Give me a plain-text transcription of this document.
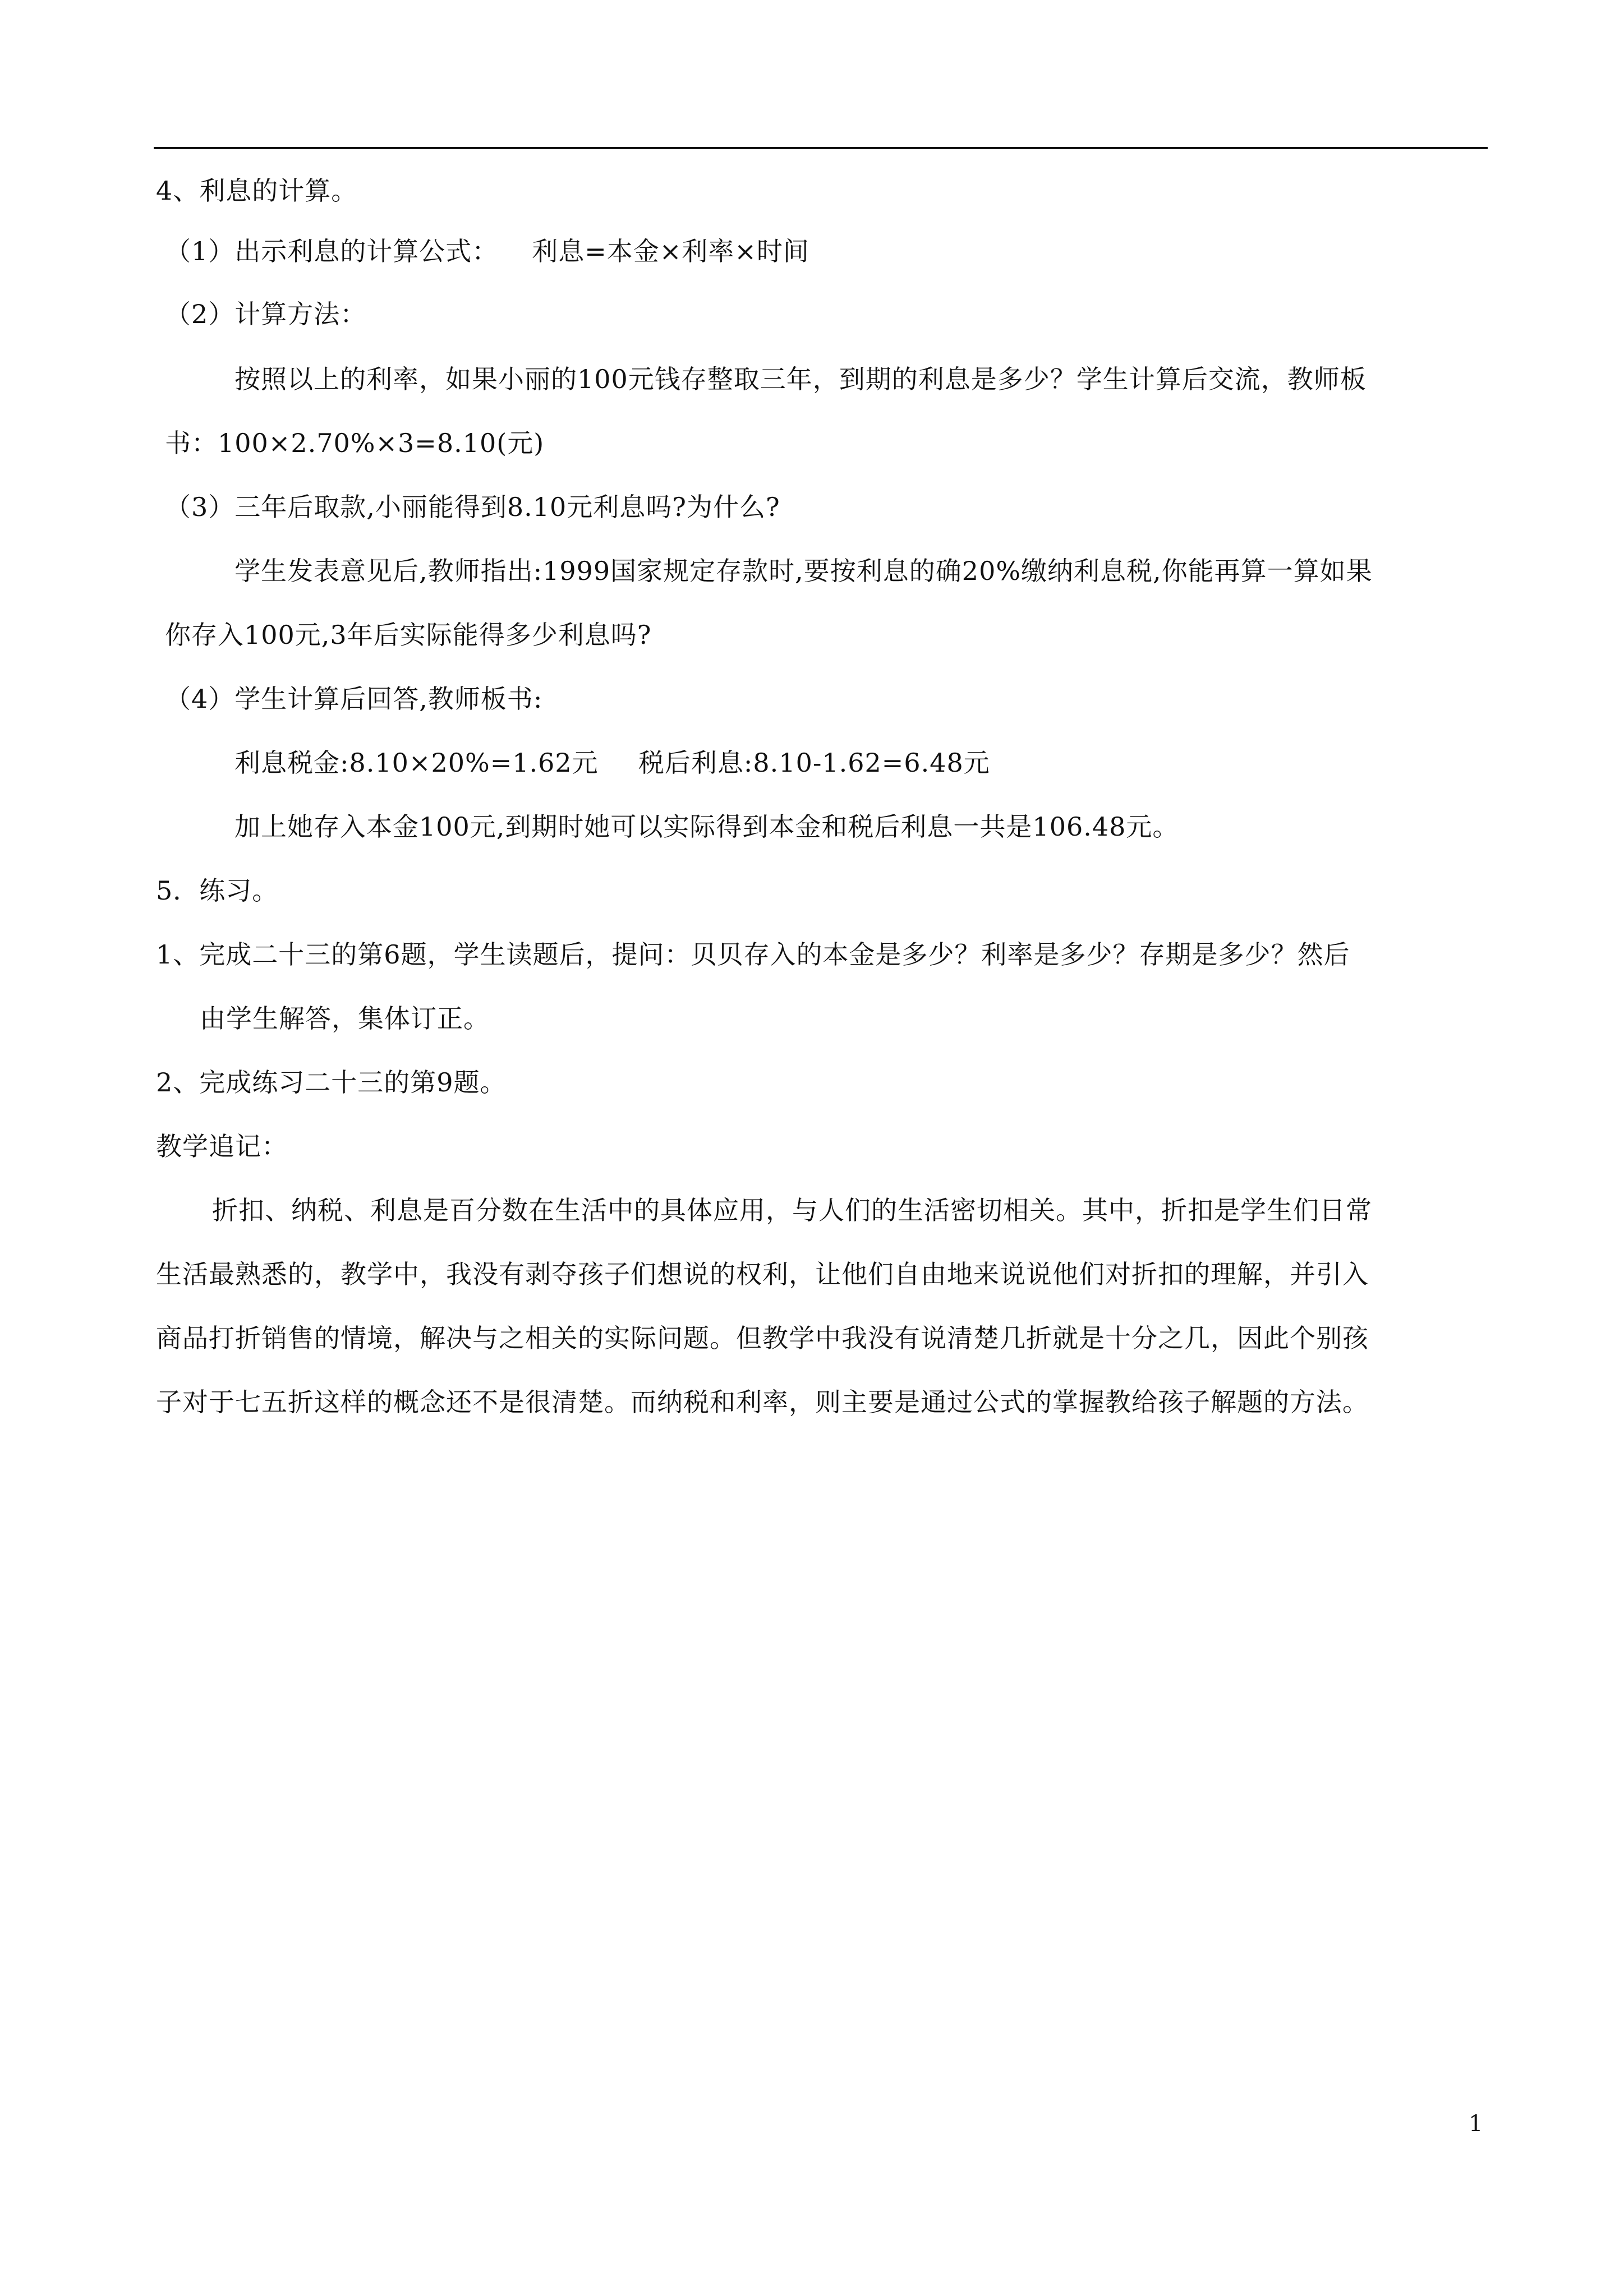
4、利息的计算。
（1）出示利息的计算公式： 利息=本金×利率×时间
（2）计算方法：
按照以上的利率，如果小丽的100元钱存整取三年，到期的利息是多少？学生计算后交流，教师板
书：100×2.70%×3=8.10(元)
（3）三年后取款,小丽能得到8.10元利息吗?为什么?
学生发表意见后,教师指出:1999国家规定存款时,要按利息的确20%缴纳利息税,你能再算一算如果
你存入100元,3年后实际能得多少利息吗?
（4）学生计算后回答,教师板书:
利息税金:8.10×20%=1.62元 税后利息:8.10-1.62=6.48元
加上她存入本金100元,到期时她可以实际得到本金和税后利息一共是106.48元。
5．练习。
1、完成二十三的第6题，学生读题后，提问：贝贝存入的本金是多少？利率是多少？存期是多少？然后
由学生解答，集体订正。
2、完成练习二十三的第9题。
教学追记：
折扣、纳税、利息是百分数在生活中的具体应用，与人们的生活密切相关。其中，折扣是学生们日常
生活最熟悉的，教学中，我没有剥夺孩子们想说的权利，让他们自由地来说说他们对折扣的理解，并引入
商品打折销售的情境，解决与之相关的实际问题。但教学中我没有说清楚几折就是十分之几，因此个别孩
子对于七五折这样的概念还不是很清楚。而纳税和利率，则主要是通过公式的掌握教给孩子解题的方法。
1
